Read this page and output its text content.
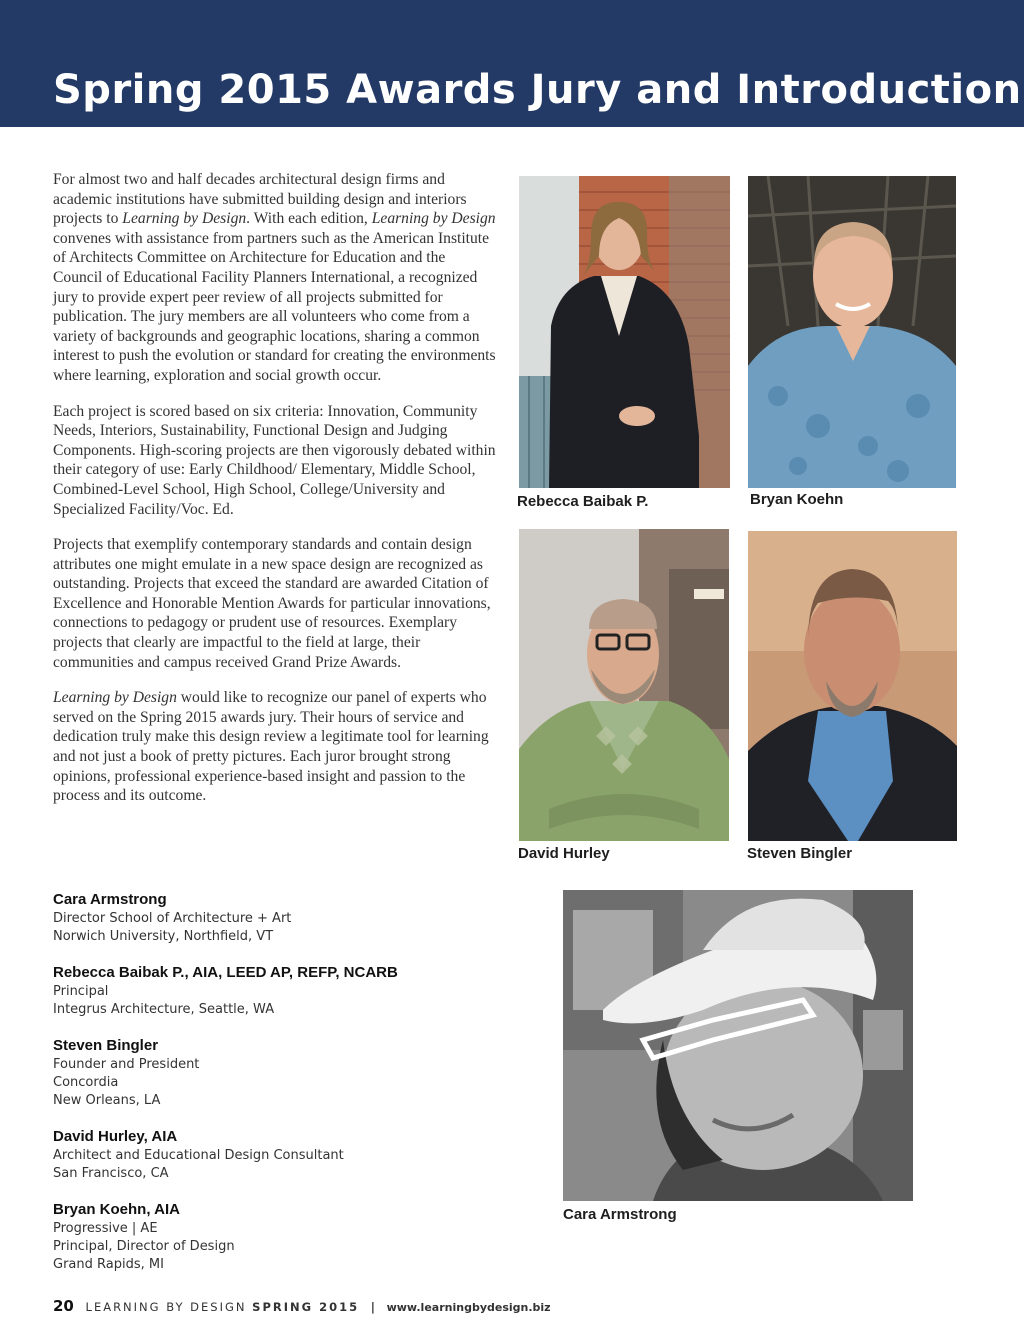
Spring 2015 Awards Jury and Introduction

For almost two and half decades architectural design firms and academic institutions have submitted building design and interiors projects to Learning by Design. With each edition, Learning by Design convenes with assistance from partners such as the American Institute of Architects Committee on Architecture for Education and the Council of Educational Facility Planners International, a recognized jury to provide expert peer review of all projects submitted for publication. The jury members are all volunteers who come from a variety of backgrounds and geographic locations, sharing a common interest to push the evolution or standard for creating the environments where learning, exploration and social growth occur.

Each project is scored based on six criteria: Innovation, Community Needs, Interiors, Sustainability, Functional Design and Judging Components. High-scoring projects are then vigorously debated within their category of use: Early Childhood/ Elementary, Middle School, Combined-Level School, High School, College/University and Specialized Facility/Voc. Ed.

Projects that exemplify contemporary standards and contain design attributes one might emulate in a new space design are recognized as outstanding. Projects that exceed the standard are awarded Citation of Excellence and Honorable Mention Awards for particular innovations, connections to pedagogy or prudent use of resources. Exemplary projects that clearly are impactful to the field at large, their communities and campus received Grand Prize Awards.

Learning by Design would like to recognize our panel of experts who served on the Spring 2015 awards jury. Their hours of service and dedication truly make this design review a legitimate tool for learning and not just a book of pretty pictures. Each juror brought strong opinions, professional experience-based insight and passion to the process and its outcome.

Rebecca Baibak P.	Bryan Koehn

David Hurley	Steven Bingler

Cara Armstrong

Cara Armstrong
Director School of Architecture + Art
Norwich University, Northfield, VT
Rebecca Baibak P., AIA, LEED AP, REFP, NCARB
Principal
Integrus Architecture, Seattle, WA
Steven Bingler
Founder and President
Concordia
New Orleans, LA
David Hurley, AIA
Architect and Educational Design Consultant
San Francisco, CA
Bryan Koehn, AIA
Progressive | AE
Principal, Director of Design
Grand Rapids, MI
20 LEARNING BY DESIGN SPRING 2015 | www.learningbydesign.biz
